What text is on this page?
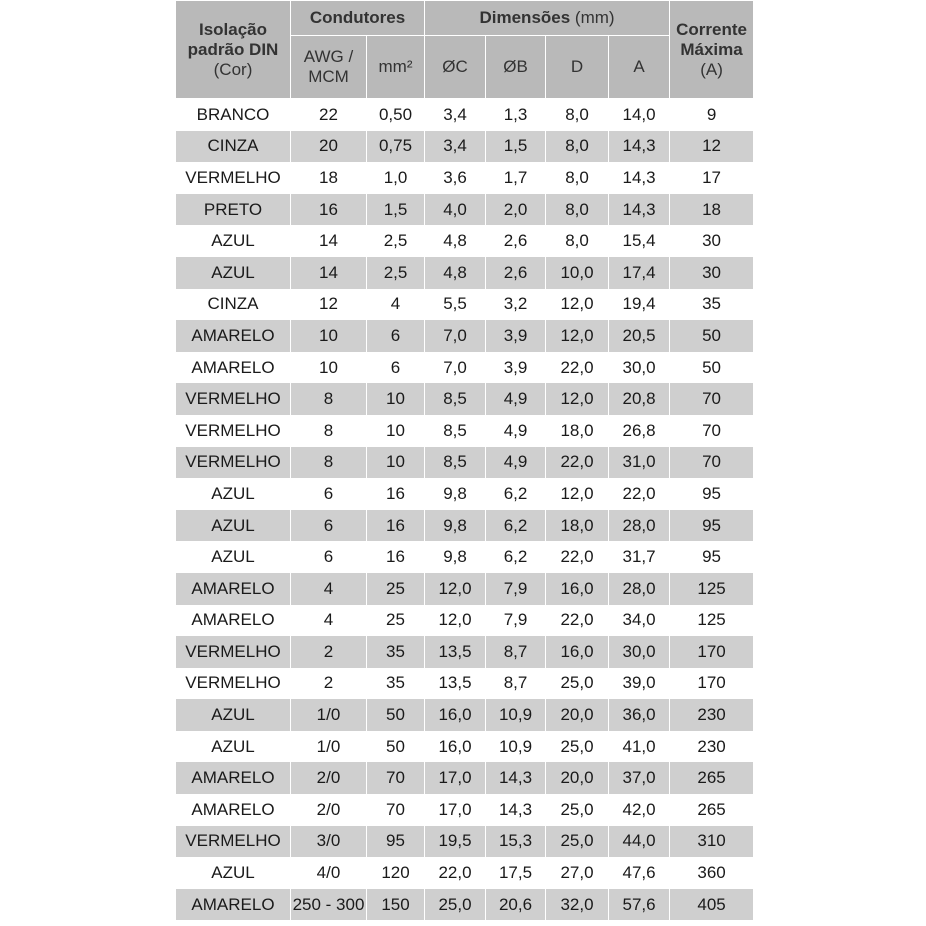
Isolação
padrão DIN
(Cor)	Condutores		Dimensões (mm)				Corrente
Máxima
(A)
	AWG /
MCM	mm²	ØC	ØB	D	A	
BRANCO	22	0,50	3,4	1,3	8,0	14,0	9
CINZA	20	0,75	3,4	1,5	8,0	14,3	12
VERMELHO	18	1,0	3,6	1,7	8,0	14,3	17
PRETO	16	1,5	4,0	2,0	8,0	14,3	18
AZUL	14	2,5	4,8	2,6	8,0	15,4	30
AZUL	14	2,5	4,8	2,6	10,0	17,4	30
CINZA	12	4	5,5	3,2	12,0	19,4	35
AMARELO	10	6	7,0	3,9	12,0	20,5	50
AMARELO	10	6	7,0	3,9	22,0	30,0	50
VERMELHO	8	10	8,5	4,9	12,0	20,8	70
VERMELHO	8	10	8,5	4,9	18,0	26,8	70
VERMELHO	8	10	8,5	4,9	22,0	31,0	70
AZUL	6	16	9,8	6,2	12,0	22,0	95
AZUL	6	16	9,8	6,2	18,0	28,0	95
AZUL	6	16	9,8	6,2	22,0	31,7	95
AMARELO	4	25	12,0	7,9	16,0	28,0	125
AMARELO	4	25	12,0	7,9	22,0	34,0	125
VERMELHO	2	35	13,5	8,7	16,0	30,0	170
VERMELHO	2	35	13,5	8,7	25,0	39,0	170
AZUL	1/0	50	16,0	10,9	20,0	36,0	230
AZUL	1/0	50	16,0	10,9	25,0	41,0	230
AMARELO	2/0	70	17,0	14,3	20,0	37,0	265
AMARELO	2/0	70	17,0	14,3	25,0	42,0	265
VERMELHO	3/0	95	19,5	15,3	25,0	44,0	310
AZUL	4/0	120	22,0	17,5	27,0	47,6	360
AMARELO	250 - 300	150	25,0	20,6	32,0	57,6	405
